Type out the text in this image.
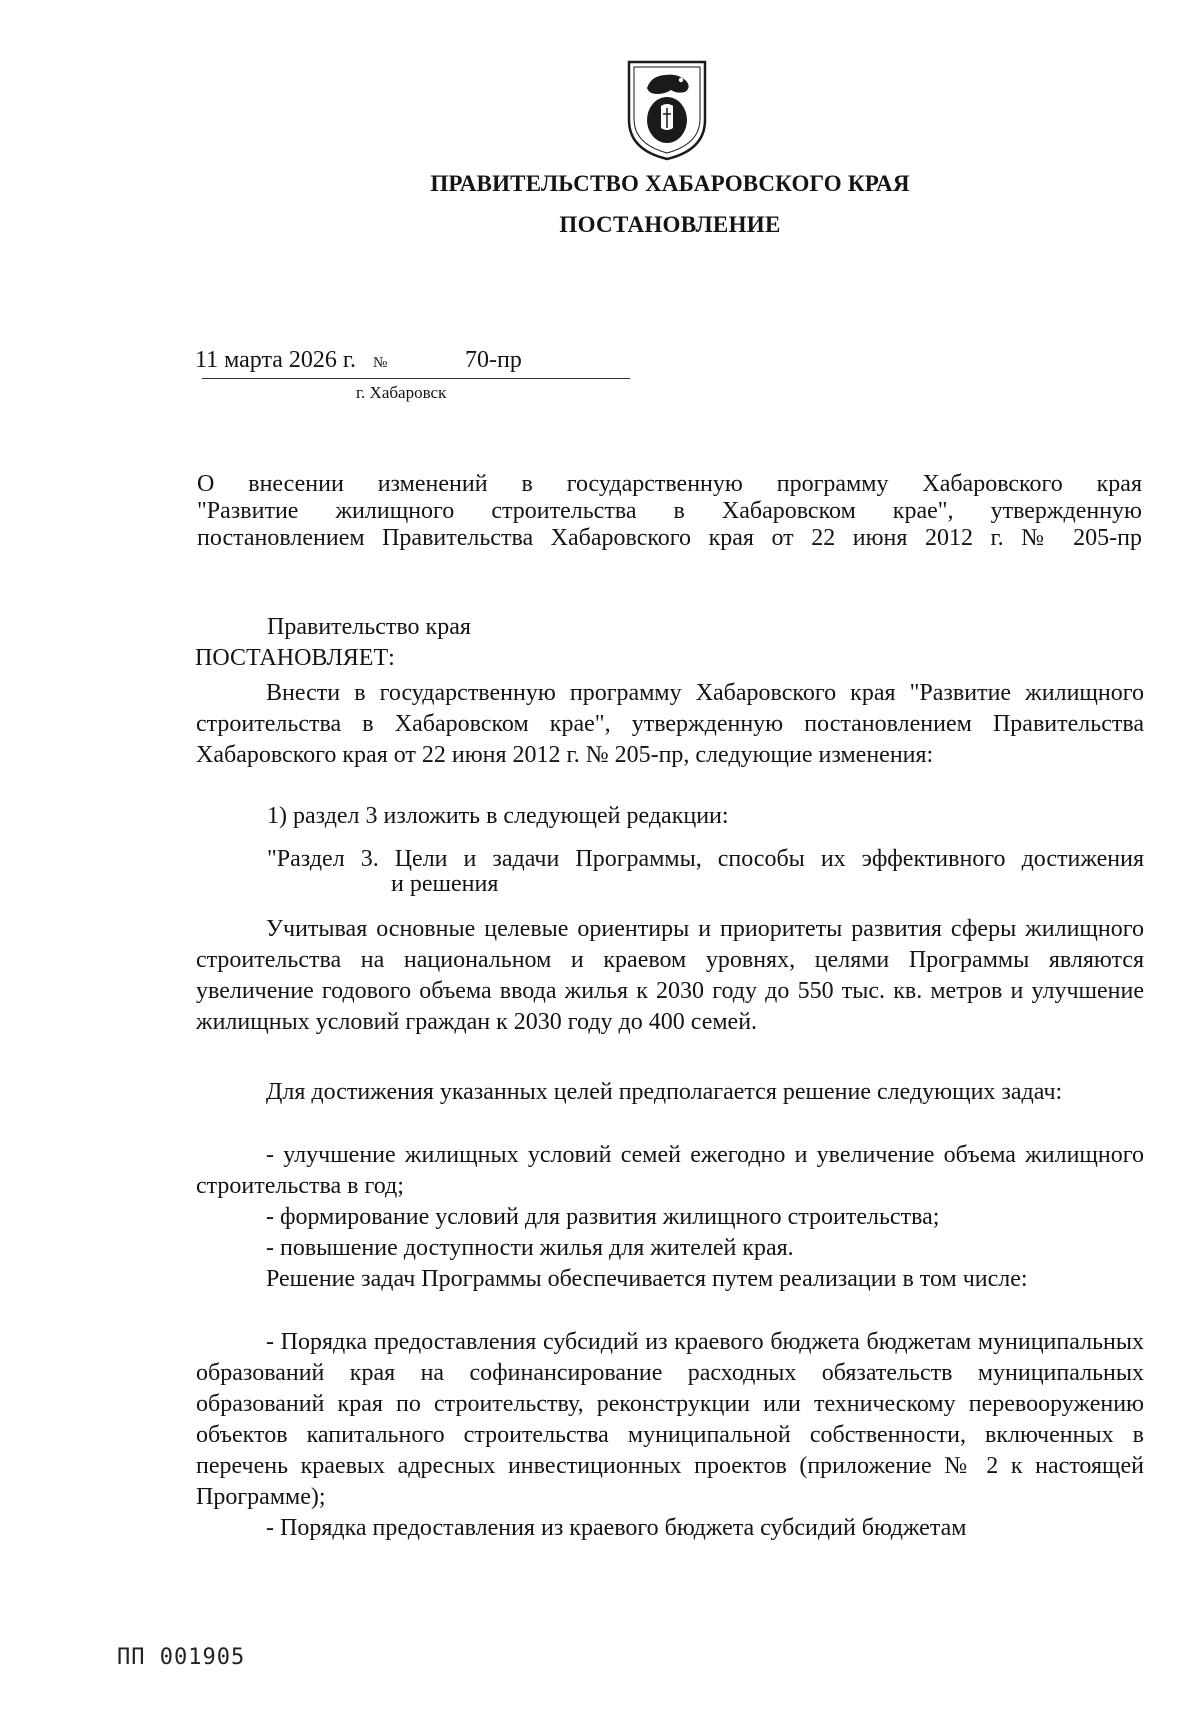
ПРАВИТЕЛЬСТВО ХАБАРОВСКОГО КРАЯ
ПОСТАНОВЛЕНИЕ
11 марта 2026 г. №	70-пр
г. Хабаровск
О внесении изменений в государственную программу Хабаровского края
"Развитие жилищного строительства в Хабаровском крае", утвержденную
постановлением Правительства Хабаровского края от 22 июня 2012 г. № 205-пр
Правительство края
ПОСТАНОВЛЯЕТ:

Внести в государственную программу Хабаровского края "Развитие жилищного строительства в Хабаровском крае", утвержденную постановлением Правительства Хабаровского края от 22 июня 2012 г. № 205-пр, следующие изменения:

1) раздел 3 изложить в следующей редакции:
"Раздел 3. Цели и задачи Программы, способы их эффективного достижения
и решения

Учитывая основные целевые ориентиры и приоритеты развития сферы жилищного строительства на национальном и краевом уровнях, целями Программы являются увеличение годового объема ввода жилья к 2030 году до 550 тыс. кв. метров и улучшение жилищных условий граждан к 2030 году до 400 семей.

Для достижения указанных целей предполагается решение следующих задач:

- улучшение жилищных условий семей ежегодно и увеличение объема жилищного строительства в год;

- формирование условий для развития жилищного строительства;

- повышение доступности жилья для жителей края.

Решение задач Программы обеспечивается путем реализации в том числе:

- Порядка предоставления субсидий из краевого бюджета бюджетам муниципальных образований края на софинансирование расходных обязательств муниципальных образований края по строительству, реконструкции или техническому перевооружению объектов капитального строительства муниципальной собственности, включенных в перечень краевых адресных инвестиционных проектов (приложение № 2 к настоящей Программе);

- Порядка предоставления из краевого бюджета субсидий бюджетам

ПП 001905
